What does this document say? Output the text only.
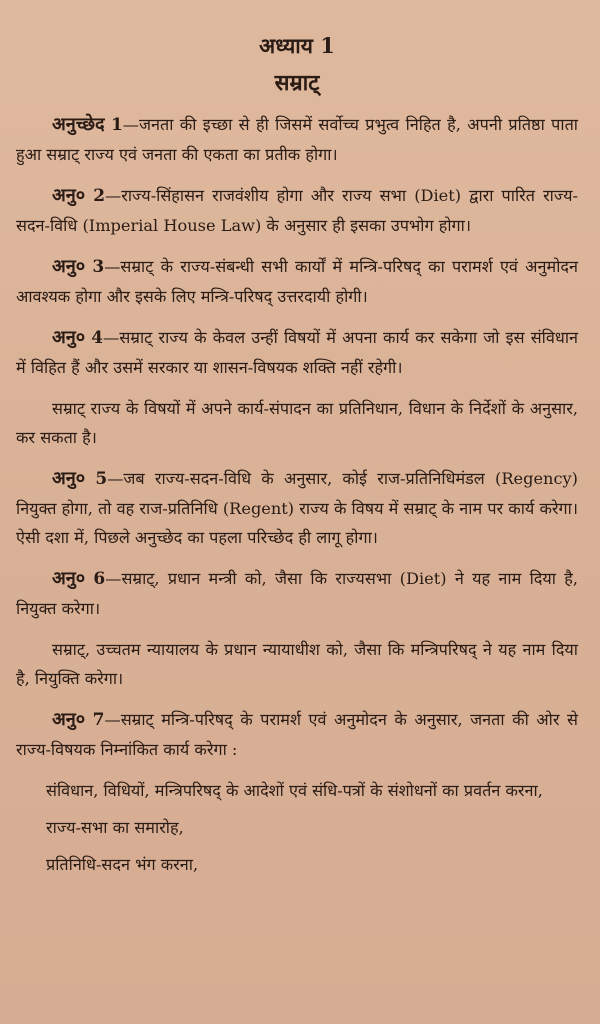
अध्याय 1
सम्राट्

अनुच्छेद 1—जनता की इच्छा से ही जिसमें सर्वोच्च प्रभुत्व निहित है, अपनी प्रतिष्ठा पाता हुआ सम्राट् राज्य एवं जनता की एकता का प्रतीक होगा।

अनु० 2—राज्य-सिंहासन राजवंशीय होगा और राज्य सभा (Diet) द्वारा पारित राज्य-सदन-विधि (Imperial House Law) के अनुसार ही इसका उपभोग होगा।

अनु० 3—सम्राट् के राज्य-संबन्धी सभी कार्यों में मन्त्रि-परिषद् का परामर्श एवं अनुमोदन आवश्यक होगा और इसके लिए मन्त्रि-परिषद् उत्तरदायी होगी।

अनु० 4—सम्राट् राज्य के केवल उन्हीं विषयों में अपना कार्य कर सकेगा जो इस संविधान में विहित हैं और उसमें सरकार या शासन-विषयक शक्ति नहीं रहेगी।

सम्राट् राज्य के विषयों में अपने कार्य-संपादन का प्रतिनिधान, विधान के निर्देशों के अनुसार, कर सकता है।

अनु० 5—जब राज्य-सदन-विधि के अनुसार, कोई राज-प्रतिनिधिमंडल (Regency) नियुक्त होगा, तो वह राज-प्रतिनिधि (Regent) राज्य के विषय में सम्राट् के नाम पर कार्य करेगा। ऐसी दशा में, पिछले अनुच्छेद का पहला परिच्छेद ही लागू होगा।

अनु० 6—सम्राट्, प्रधान मन्त्री को, जैसा कि राज्यसभा (Diet) ने यह नाम दिया है, नियुक्त करेगा।

सम्राट्, उच्चतम न्यायालय के प्रधान न्यायाधीश को, जैसा कि मन्त्रिपरिषद् ने यह नाम दिया है, नियुक्ति करेगा।

अनु० 7—सम्राट् मन्त्रि-परिषद् के परामर्श एवं अनुमोदन के अनुसार, जनता की ओर से राज्य-विषयक निम्नांकित कार्य करेगा :

संविधान, विधियों, मन्त्रिपरिषद् के आदेशों एवं संधि-पत्रों के संशोधनों का प्रवर्तन करना,

राज्य-सभा का समारोह,

प्रतिनिधि-सदन भंग करना,
